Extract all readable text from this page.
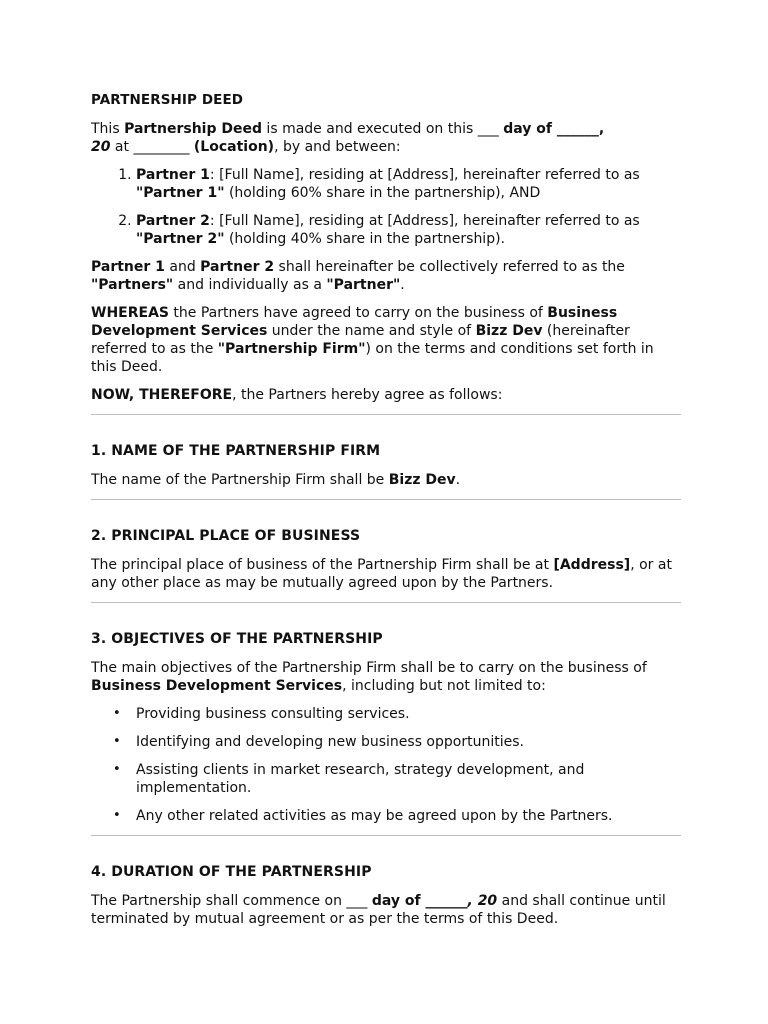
PARTNERSHIP DEED

This Partnership Deed is made and executed on this ___ day of ______,
20 at ________ (Location), by and between:

1. Partner 1: [Full Name], residing at [Address], hereinafter referred to as "Partner 1" (holding 60% share in the partnership), AND
2. Partner 2: [Full Name], residing at [Address], hereinafter referred to as "Partner 2" (holding 40% share in the partnership).

Partner 1 and Partner 2 shall hereinafter be collectively referred to as the "Partners" and individually as a "Partner".

WHEREAS the Partners have agreed to carry on the business of Business Development Services under the name and style of Bizz Dev (hereinafter referred to as the "Partnership Firm") on the terms and conditions set forth in this Deed.

NOW, THEREFORE, the Partners hereby agree as follows:

1. NAME OF THE PARTNERSHIP FIRM

The name of the Partnership Firm shall be Bizz Dev.

2. PRINCIPAL PLACE OF BUSINESS

The principal place of business of the Partnership Firm shall be at [Address], or at any other place as may be mutually agreed upon by the Partners.

3. OBJECTIVES OF THE PARTNERSHIP

The main objectives of the Partnership Firm shall be to carry on the business of Business Development Services, including but not limited to:

• Providing business consulting services.
• Identifying and developing new business opportunities.
• Assisting clients in market research, strategy development, and implementation.
• Any other related activities as may be agreed upon by the Partners.
4. DURATION OF THE PARTNERSHIP

The Partnership shall commence on ___ day of ______, 20 and shall continue until terminated by mutual agreement or as per the terms of this Deed.
